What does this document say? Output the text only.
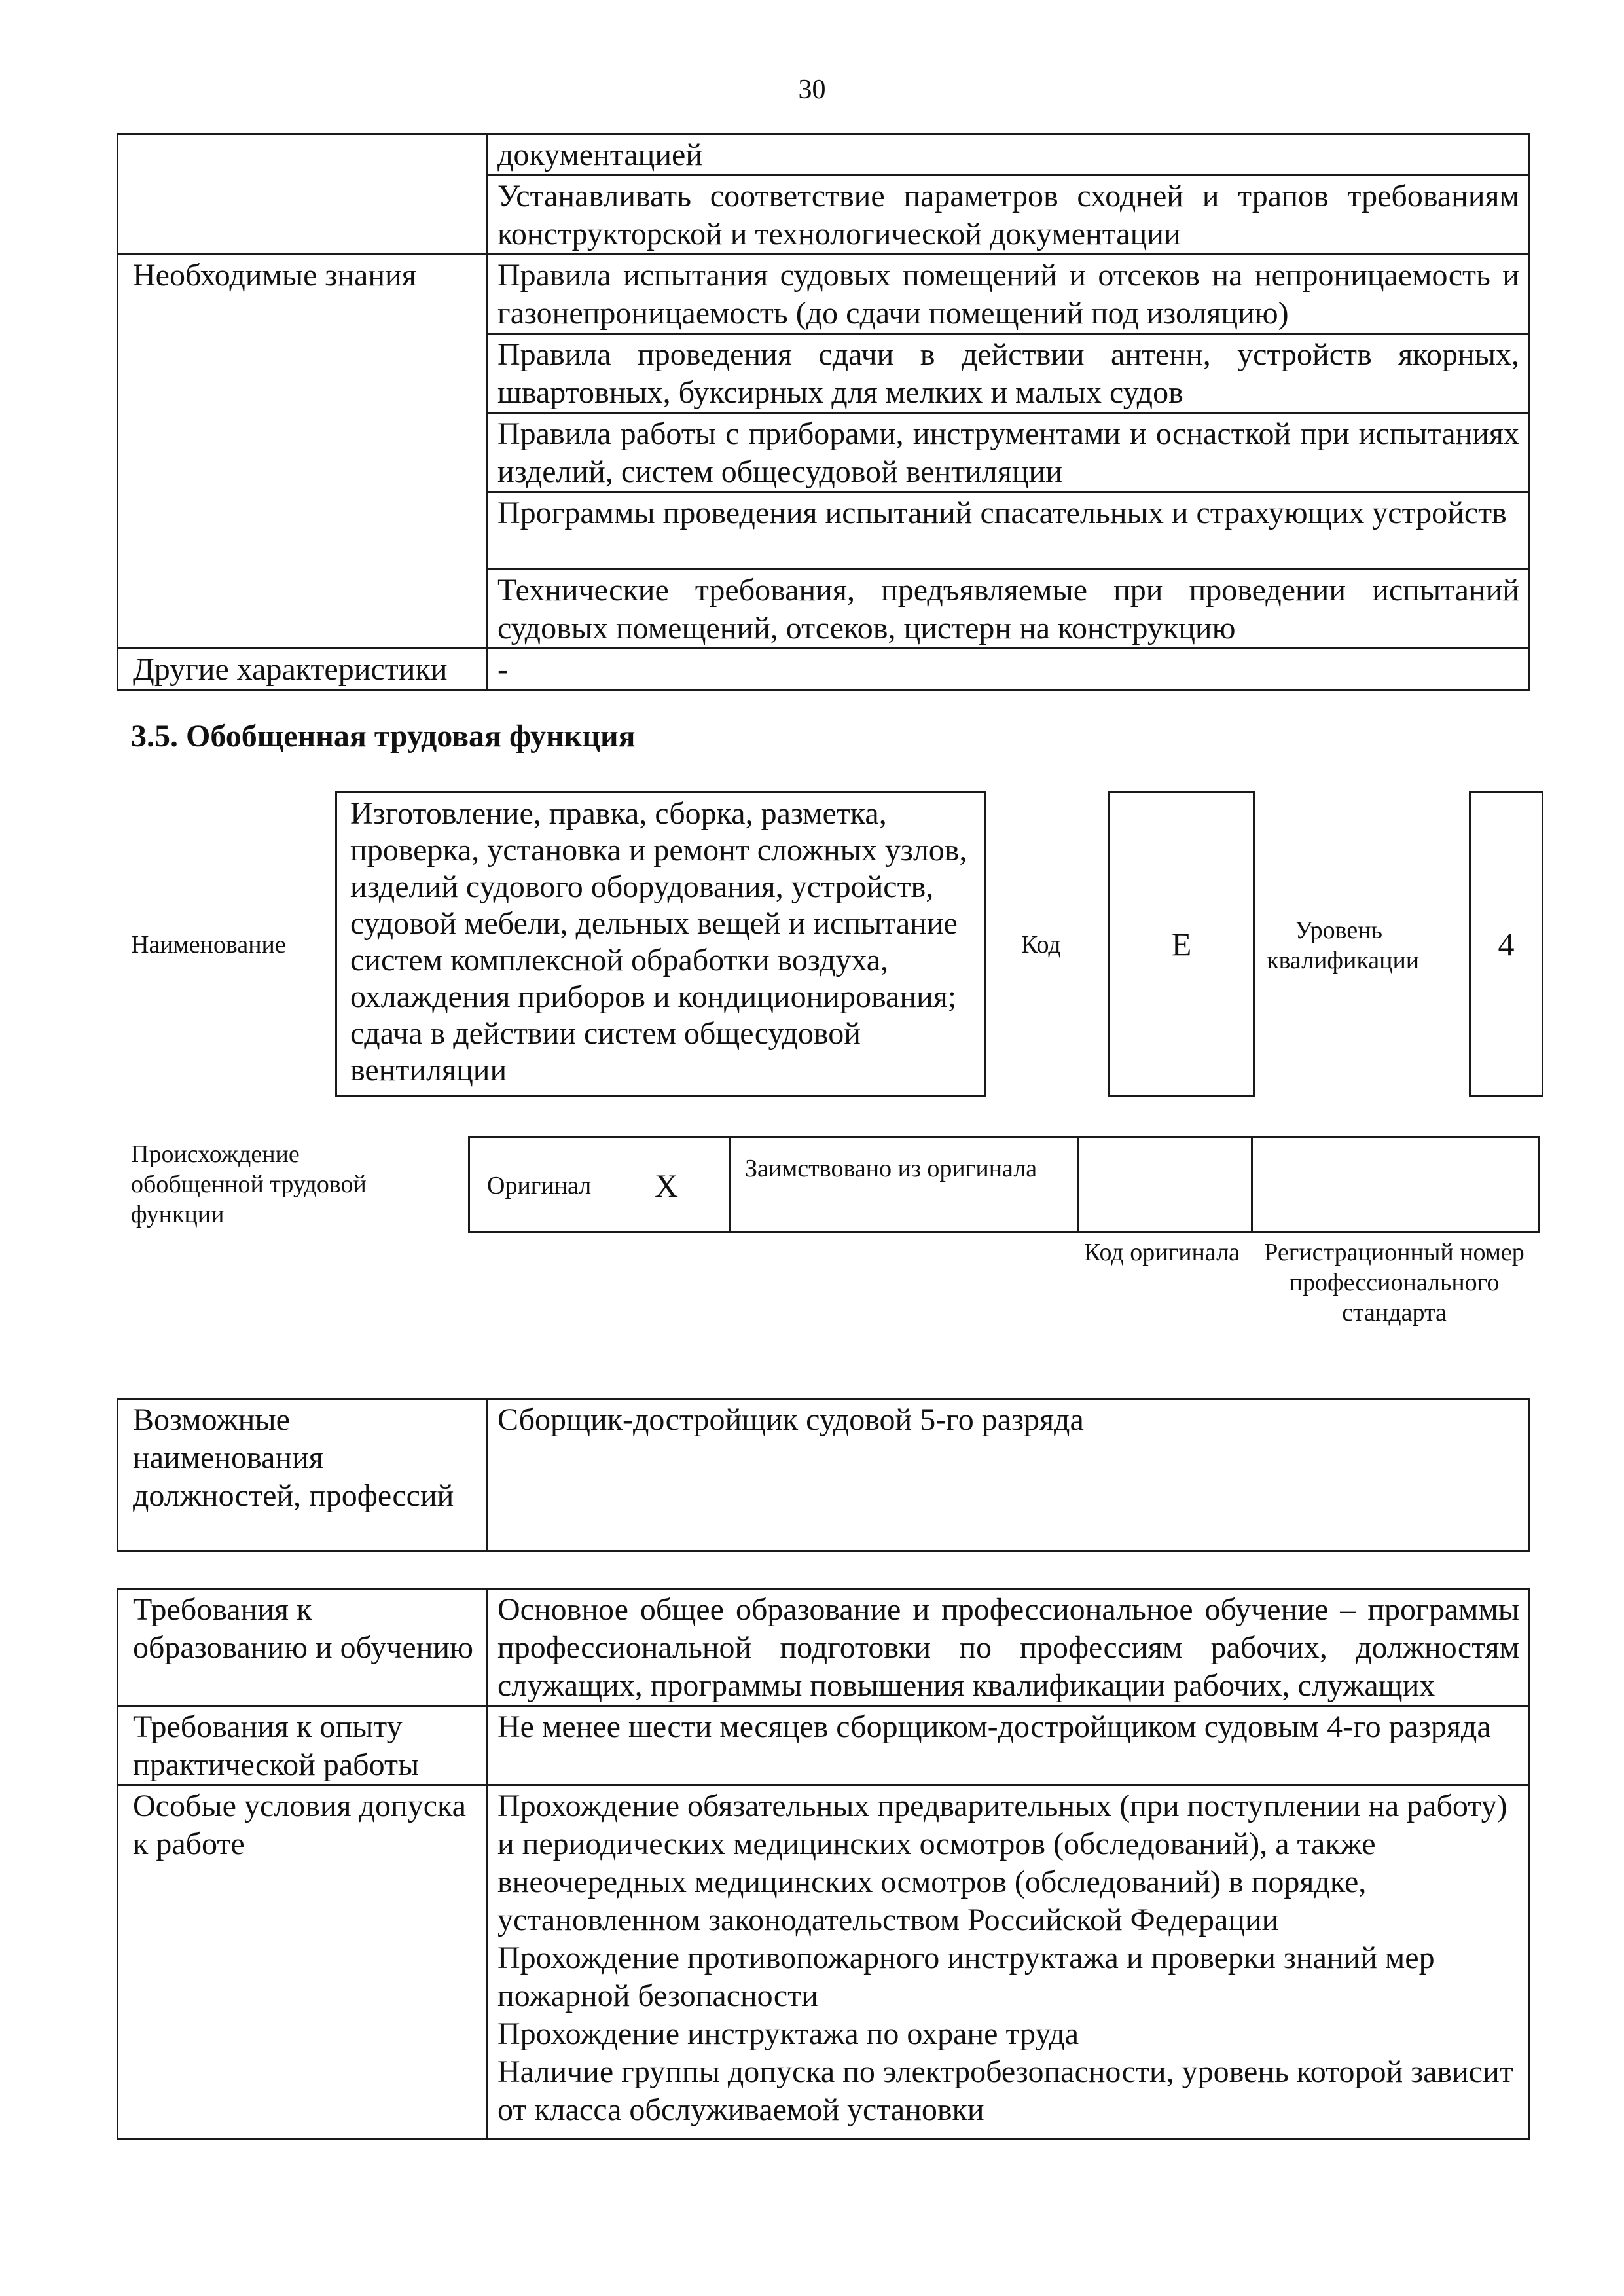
30
	документацией
	Устанавливать соответствие параметров сходней и трапов требованиям конструкторской и технологической документации
Необходимые знания	Правила испытания судовых помещений и отсеков на непроницаемость и газонепроницаемость (до сдачи помещений под изоляцию)
	Правила проведения сдачи в действии антенн, устройств якорных, швартовных, буксирных для мелких и малых судов
	Правила работы с приборами, инструментами и оснасткой при испытаниях изделий, систем общесудовой вентиляции
	Программы проведения испытаний спасательных и страхующих устройств
	Технические требования, предъявляемые при проведении испытаний судовых помещений, отсеков, цистерн на конструкцию
Другие характеристики	-
3.5. Обобщенная трудовая функция
Наименование
Изготовление, правка, сборка, разметка, проверка, установка и ремонт сложных узлов, изделий судового оборудования, устройств, судовой мебели, дельных вещей и испытание систем комплексной обработки воздуха, охлаждения приборов и кондиционирования; сдача в действии систем общесудовой вентиляции
Код	E	Уровень квалификации	4
Происхождение обобщенной трудовой функции
Оригинал X	Заимствовано из оригинала
Код оригинала Регистрационный номер профессионального стандарта
Возможные наименования должностей, профессий	Сборщик-достройщик судовой 5-го разряда
Требования к образованию и обучению	Основное общее образование и профессиональное обучение – программы профессиональной подготовки по профессиям рабочих, должностям служащих, программы повышения квалификации рабочих, служащих
Требования к опыту практической работы	Не менее шести месяцев сборщиком-достройщиком судовым 4-го разряда
Особые условия допуска к работе	Прохождение обязательных предварительных (при поступлении на работу) и периодических медицинских осмотров (обследований), а также внеочередных медицинских осмотров (обследований) в порядке, установленном законодательством Российской Федерации
Прохождение противопожарного инструктажа и проверки знаний мер пожарной безопасности
Прохождение инструктажа по охране труда
Наличие группы допуска по электробезопасности, уровень которой зависит от класса обслуживаемой установки
